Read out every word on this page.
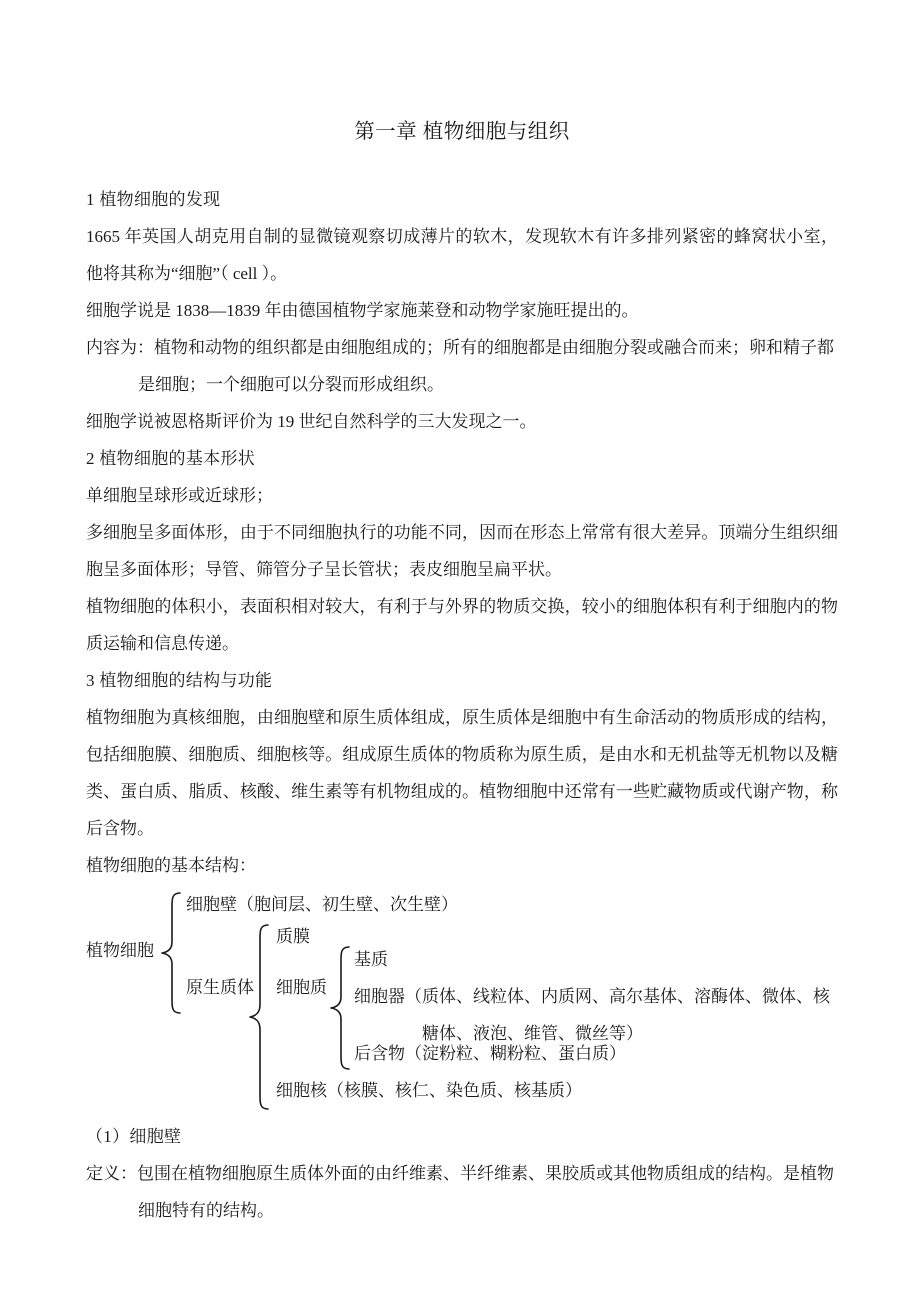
第一章 植物细胞与组织
1 植物细胞的发现
1665 年英国人胡克用自制的显微镜观察切成薄片的软木，发现软木有许多排列紧密的蜂窝状小室，他将其称为“细胞”（ cell ）。
细胞学说是 1838—1839 年由德国植物学家施莱登和动物学家施旺提出的。
内容为：植物和动物的组织都是由细胞组成的；所有的细胞都是由细胞分裂或融合而来；卵和精子都
是细胞；一个细胞可以分裂而形成组织。
细胞学说被恩格斯评价为 19 世纪自然科学的三大发现之一。
2 植物细胞的基本形状
单细胞呈球形或近球形；
多细胞呈多面体形，由于不同细胞执行的功能不同，因而在形态上常常有很大差异。顶端分生组织细胞呈多面体形；导管、筛管分子呈长管状；表皮细胞呈扁平状。
植物细胞的体积小，表面积相对较大，有利于与外界的物质交换，较小的细胞体积有利于细胞内的物质运输和信息传递。
3 植物细胞的结构与功能
植物细胞为真核细胞，由细胞壁和原生质体组成，原生质体是细胞中有生命活动的物质形成的结构，包括细胞膜、细胞质、细胞核等。组成原生质体的物质称为原生质，是由水和无机盐等无机物以及糖类、蛋白质、脂质、核酸、维生素等有机物组成的。植物细胞中还常有一些贮藏物质或代谢产物，称后含物。
植物细胞的基本结构：
植物细胞
细胞壁（胞间层、初生壁、次生壁）
原生质体
质膜
细胞质
细胞核（核膜、核仁、染色质、核基质）
基质
细胞器（质体、线粒体、内质网、高尔基体、溶酶体、微体、核
糖体、液泡、维管、微丝等）
后含物（淀粉粒、糊粉粒、蛋白质）
（1）细胞壁
定义：包围在植物细胞原生质体外面的由纤维素、半纤维素、果胶质或其他物质组成的结构。是植物
细胞特有的结构。
